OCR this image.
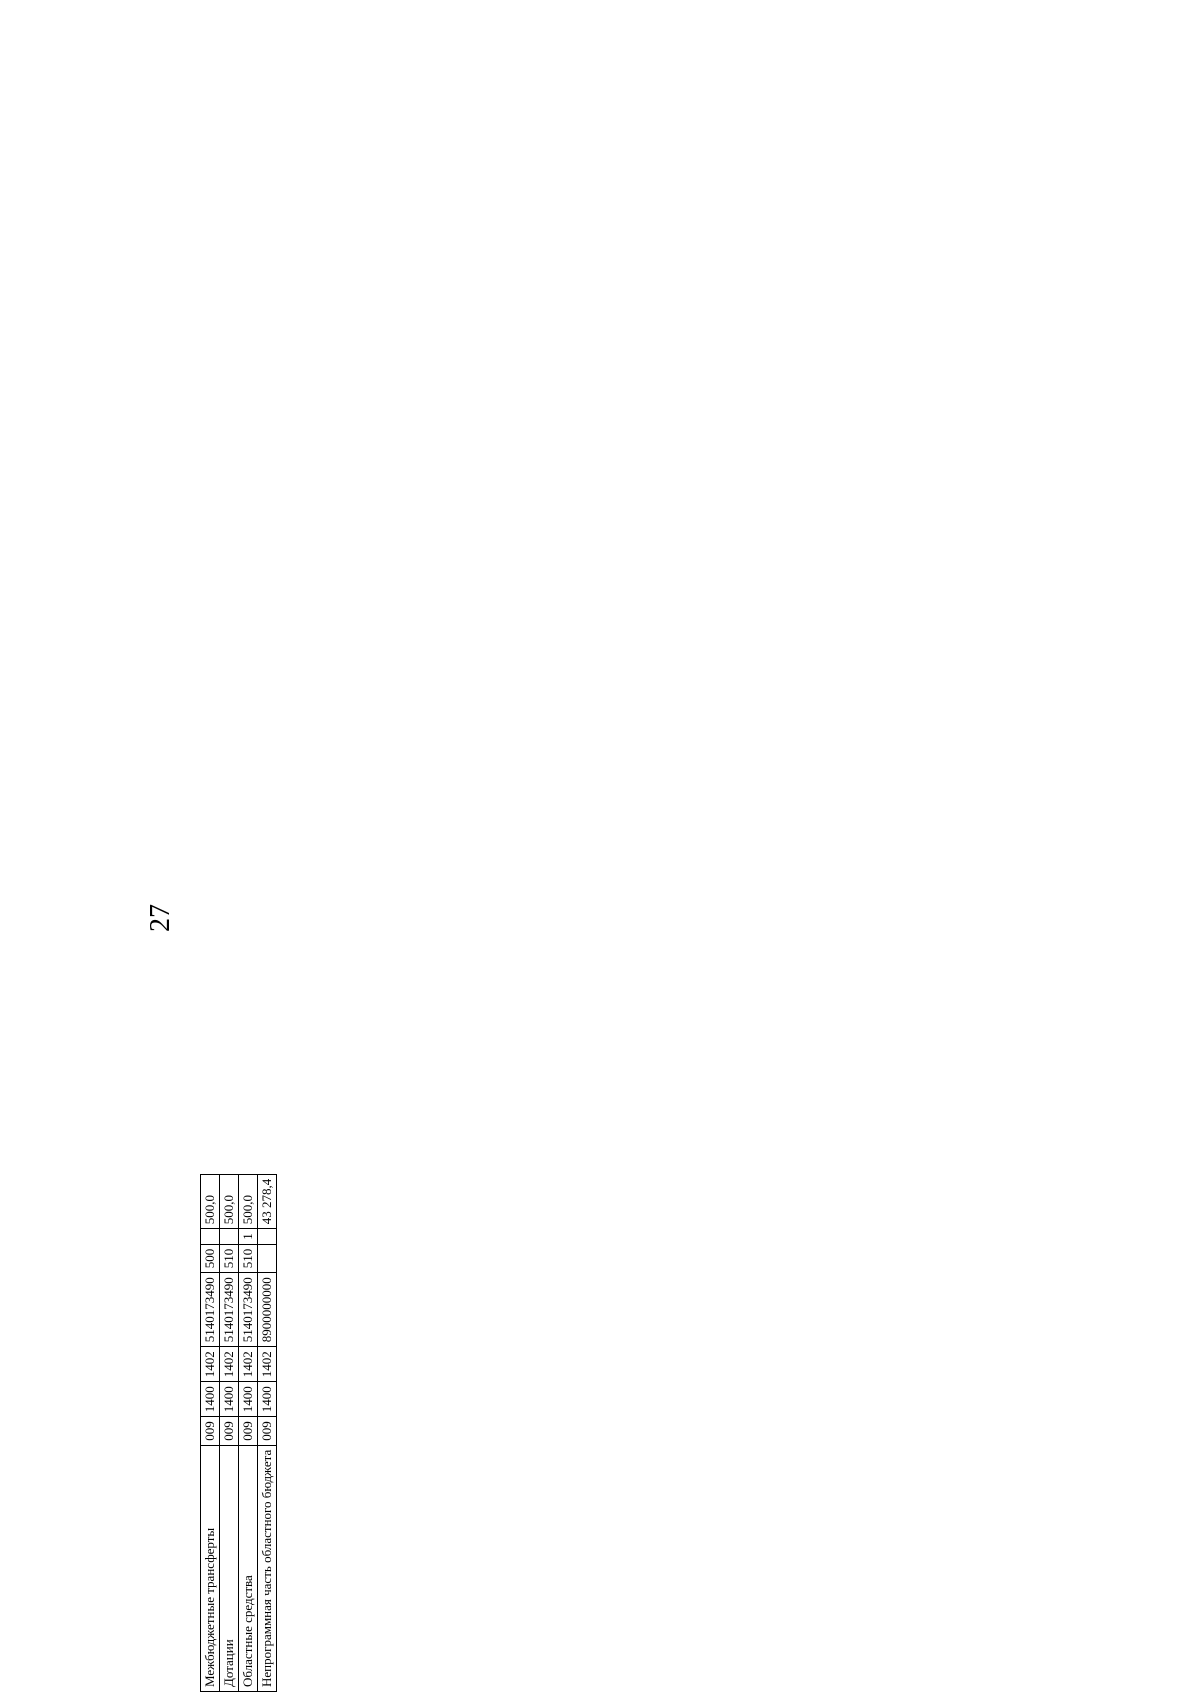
27
Межбюджетные трансферты	009	1400	1402	5140173490	500		500,0
Дотации	009	1400	1402	5140173490	510		500,0
Областные средства	009	1400	1402	5140173490	510	1	500,0
Непрограммная часть областного бюджета	009	1400	1402	8900000000			43 278,4
